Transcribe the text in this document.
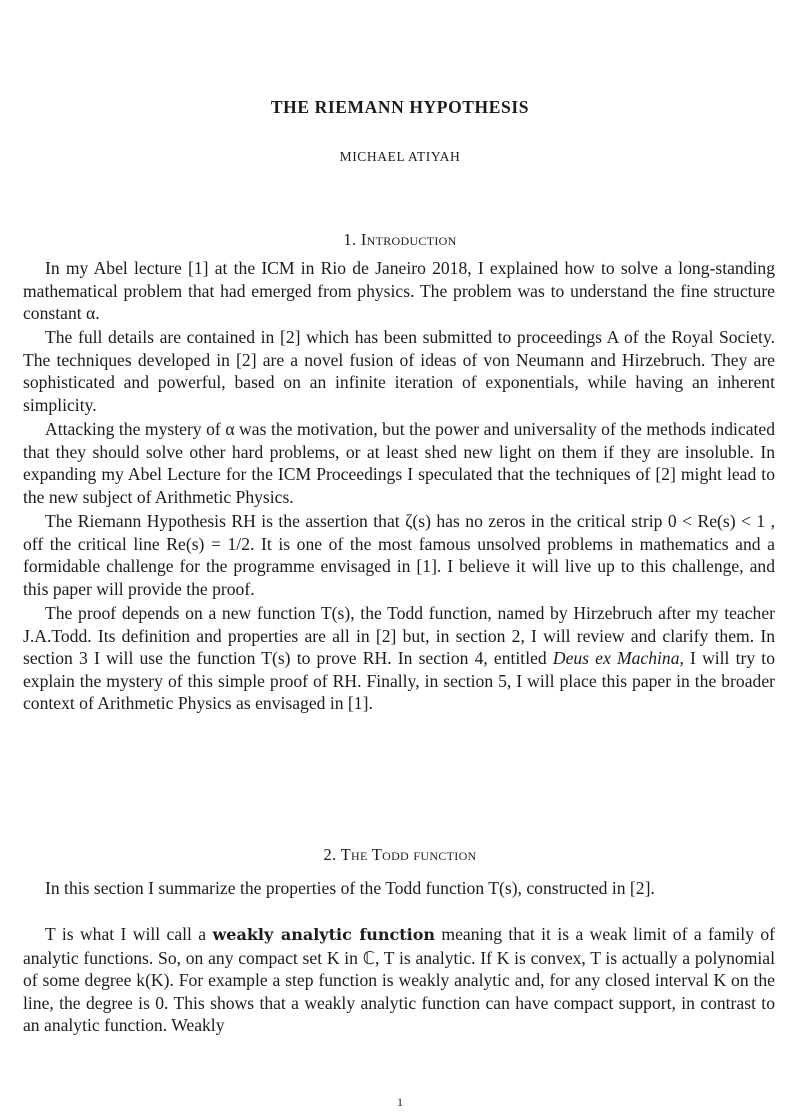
THE RIEMANN HYPOTHESIS
MICHAEL ATIYAH
1. Introduction

In my Abel lecture [1] at the ICM in Rio de Janeiro 2018, I explained how to solve a long-standing mathematical problem that had emerged from physics. The problem was to understand the fine structure constant α.

The full details are contained in [2] which has been submitted to proceedings A of the Royal Society. The techniques developed in [2] are a novel fusion of ideas of von Neumann and Hirzebruch. They are sophisticated and powerful, based on an infinite iteration of exponentials, while having an inherent simplicity.

Attacking the mystery of α was the motivation, but the power and universality of the methods indicated that they should solve other hard problems, or at least shed new light on them if they are insoluble. In expanding my Abel Lecture for the ICM Proceedings I speculated that the techniques of [2] might lead to the new subject of Arithmetic Physics.

The Riemann Hypothesis RH is the assertion that ζ(s) has no zeros in the critical strip 0 < Re(s) < 1 , off the critical line Re(s) = 1/2. It is one of the most famous unsolved problems in mathematics and a formidable challenge for the programme envisaged in [1]. I believe it will live up to this challenge, and this paper will provide the proof.

The proof depends on a new function T(s), the Todd function, named by Hirzebruch after my teacher J.A.Todd. Its definition and properties are all in [2] but, in section 2, I will review and clarify them. In section 3 I will use the function T(s) to prove RH. In section 4, entitled Deus ex Machina, I will try to explain the mystery of this simple proof of RH. Finally, in section 5, I will place this paper in the broader context of Arithmetic Physics as envisaged in [1].

2. The Todd function

In this section I summarize the properties of the Todd function T(s), constructed in [2].

T is what I will call a weakly analytic function meaning that it is a weak limit of a family of analytic functions. So, on any compact set K in ℂ, T is analytic. If K is convex, T is actually a polynomial of some degree k(K). For example a step function is weakly analytic and, for any closed interval K on the line, the degree is 0. This shows that a weakly analytic function can have compact support, in contrast to an analytic function. Weakly

1
